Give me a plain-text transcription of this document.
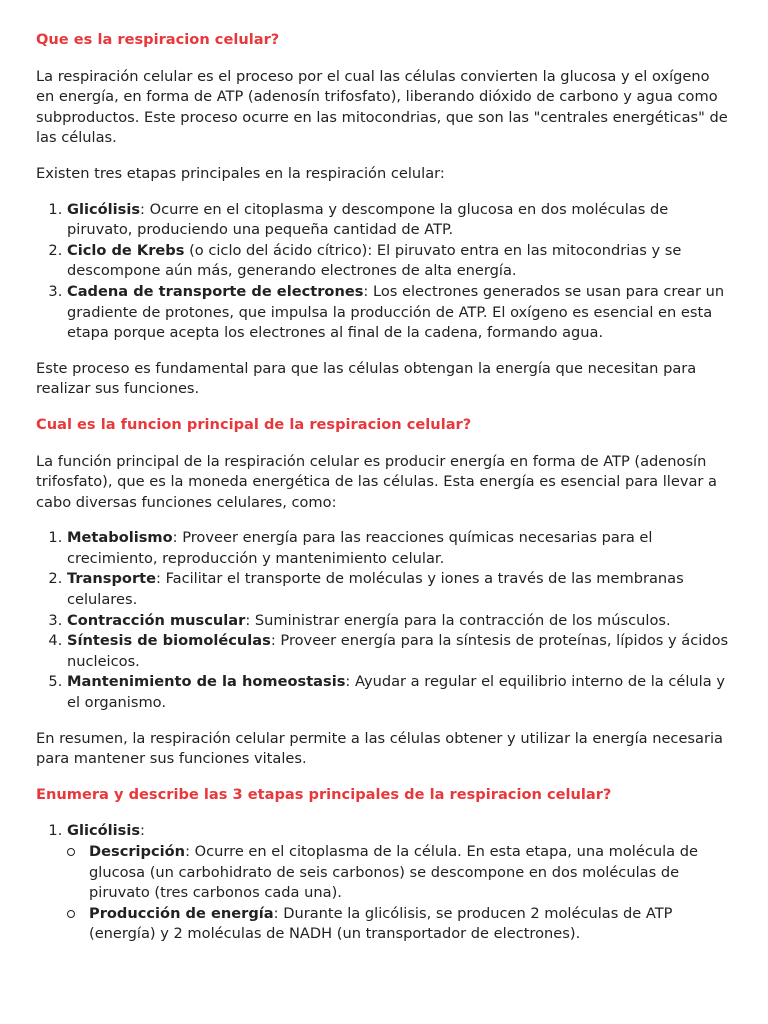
Que es la respiracion celular?

La respiración celular es el proceso por el cual las células convierten la glucosa y el oxígeno en energía, en forma de ATP (adenosín trifosfato), liberando dióxido de carbono y agua como subproductos. Este proceso ocurre en las mitocondrias, que son las "centrales energéticas" de las células.

Existen tres etapas principales en la respiración celular:

1. Glicólisis: Ocurre en el citoplasma y descompone la glucosa en dos moléculas de piruvato, produciendo una pequeña cantidad de ATP.
2. Ciclo de Krebs (o ciclo del ácido cítrico): El piruvato entra en las mitocondrias y se descompone aún más, generando electrones de alta energía.
3. Cadena de transporte de electrones: Los electrones generados se usan para crear un gradiente de protones, que impulsa la producción de ATP. El oxígeno es esencial en esta etapa porque acepta los electrones al final de la cadena, formando agua.

Este proceso es fundamental para que las células obtengan la energía que necesitan para realizar sus funciones.

Cual es la funcion principal de la respiracion celular?

La función principal de la respiración celular es producir energía en forma de ATP (adenosín trifosfato), que es la moneda energética de las células. Esta energía es esencial para llevar a cabo diversas funciones celulares, como:

1. Metabolismo: Proveer energía para las reacciones químicas necesarias para el crecimiento, reproducción y mantenimiento celular.
2. Transporte: Facilitar el transporte de moléculas y iones a través de las membranas celulares.
3. Contracción muscular: Suministrar energía para la contracción de los músculos.
4. Síntesis de biomoléculas: Proveer energía para la síntesis de proteínas, lípidos y ácidos nucleicos.
5. Mantenimiento de la homeostasis: Ayudar a regular el equilibrio interno de la célula y el organismo.

En resumen, la respiración celular permite a las células obtener y utilizar la energía necesaria para mantener sus funciones vitales.

Enumera y describe las 3 etapas principales de la respiracion celular?
1. Glicólisis:
Descripción: Ocurre en el citoplasma de la célula. En esta etapa, una molécula de glucosa (un carbohidrato de seis carbonos) se descompone en dos moléculas de piruvato (tres carbonos cada una).
Producción de energía: Durante la glicólisis, se producen 2 moléculas de ATP (energía) y 2 moléculas de NADH (un transportador de electrones).
